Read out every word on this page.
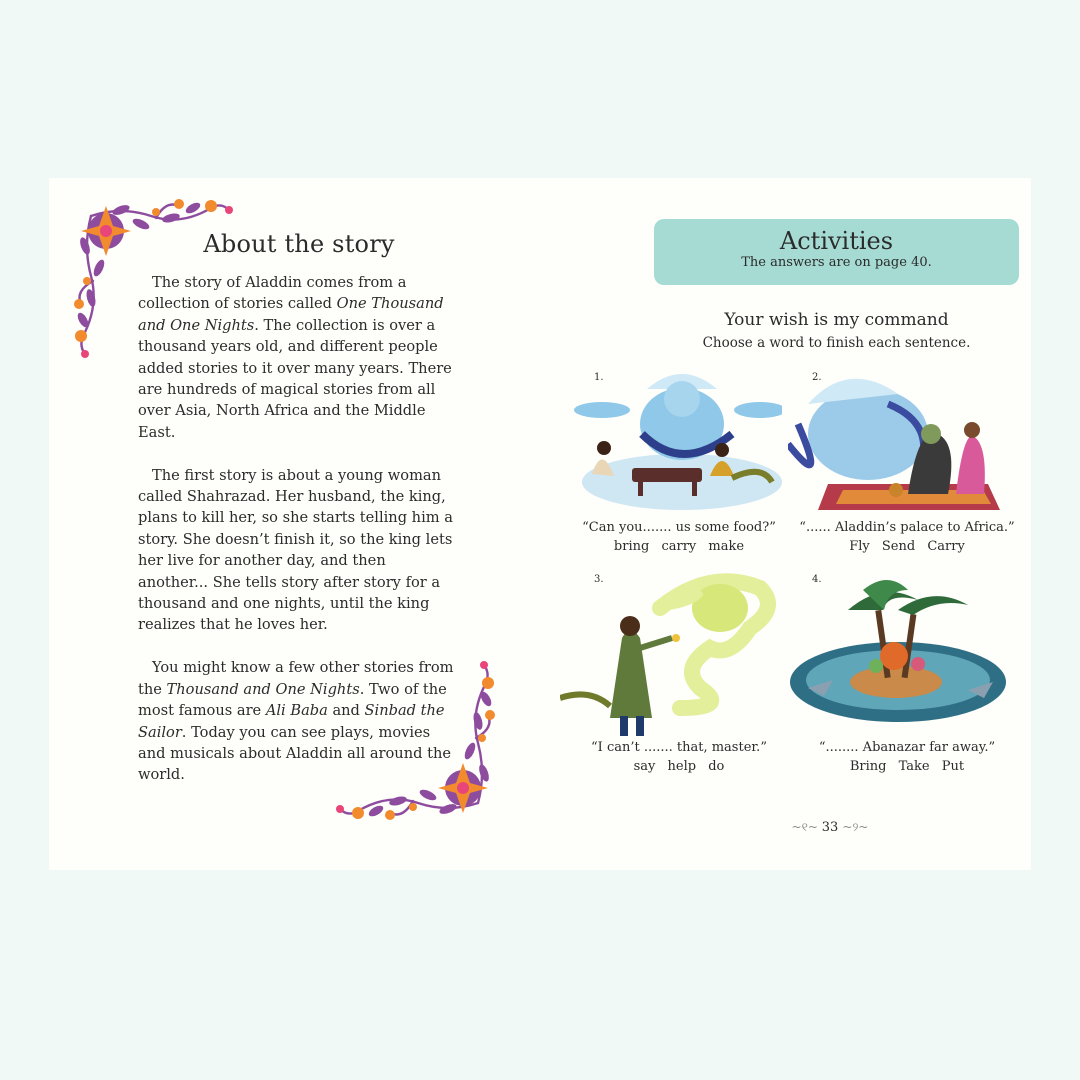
About the story

The story of Aladdin comes from a collection of stories called One Thousand and One Nights. The collection is over a thousand years old, and different people added stories to it over many years. There are hundreds of magical stories from all over Asia, North Africa and the Middle East.

The first story is about a young woman called Shahrazad. Her husband, the king, plans to kill her, so she starts telling him a story. She doesn’t finish it, so the king lets her live for another day, and then another... She tells story after story for a thousand and one nights, until the king realizes that he loves her.

You might know a few other stories from the Thousand and One Nights. Two of the most famous are Ali Baba and Sinbad the Sailor. Today you can see plays, movies and musicals about Aladdin all around the world.

Activities
The answers are on page 40.
Your wish is my command
Choose a word to finish each sentence.
1.
“Can you....... us some food?”
bring carry make
2.
“...... Aladdin’s palace to Africa.”
Fly Send Carry
3.
“I can’t ....... that, master.”
say help do
4.
“........ Abanazar far away.”
Bring Take Put
~୧~ 33 ~୨~
